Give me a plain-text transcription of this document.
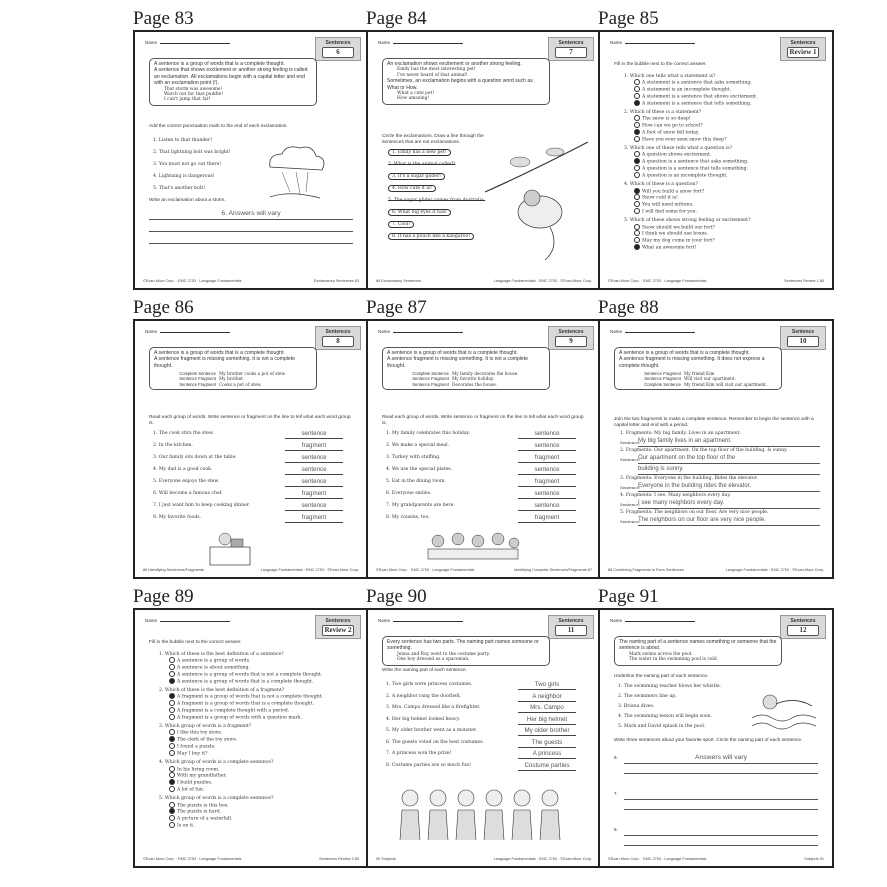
Page 83
Name	Sentences
6
A sentence is a group of words that is a complete thought.
A sentence that shows excitement or another strong feeling is called an exclamation. All exclamations begin with a capital letter and end with an exclamation point (!).
That storm was awesome!
Watch out for that puddle!
I can't jump that far!
Add the correct punctuation mark to the end of each exclamation.
1. Listen to that thunder!
2. That lightning bolt was bright!
3. You must not go out there!
4. Lightning is dangerous!
5. That's another bolt!
Write an exclamation about a storm.
6. Answers will vary
©Evan-Moor Corp. · EMC 2753 · Language Fundamentals	Exclamatory Sentences 83
Page 84
Name	Sentences
7
An exclamation shows excitement or another strong feeling.
Emily has the most interesting pet!
I've never heard of that animal!
Sometimes, an exclamation begins with a question word such as What or How.
What a cute pet!
How amazing!
Circle the exclamations. Draw a line through the sentences that are not exclamations.
1. Emily has a new pet!
2. What is the animal called?
3. It's a sugar glider!
4. How cute it is!
5. The sugar glider comes from Australia.
6. What big eyes it has!
7. Cool!
8. It has a pouch like a kangaroo!
84 Exclamatory Sentences	Language Fundamentals · EMC 2753 · ©Evan-Moor Corp.
Page 85
Name	Sentences
Review 1
Fill in the bubble next to the correct answer.
1. Which one tells what a statement is?
A statement is a sentence that asks something.
A statement is an incomplete thought.
A statement is a sentence that shows excitement.
A statement is a sentence that tells something.
2. Which of these is a statement?
The snow is so deep!
How can we go to school?
A foot of snow fell today.
Have you ever seen snow this deep?
3. Which one of these tells what a question is?
A question shows excitement.
A question is a sentence that asks something.
A question is a sentence that tells something.
A question is an incomplete thought.
4. Which of these is a question?
Will you build a snow fort?
Snow cold it is!
You will need mittens.
I will find some for you.
5. Which of these shows strong feeling or excitement?
Snow should we build our fort?
I think we should use boxes.
May my dog come in your fort?
What an awesome fort!
©Evan-Moor Corp. · EMC 2753 · Language Fundamentals	Sentences Review 1 85
Page 86
Name	Sentences
8
A sentence is a group of words that is a complete thought.
A sentence fragment is missing something. It is not a complete thought.
Complete Sentence My brother cooks a pot of stew.
Sentence Fragment My brother.
Sentence Fragment Cooks a pot of stew.
Read each group of words. Write sentence or fragment on the line to tell what each word group is.
1. The cook stirs the stew.	sentence
2. In the kitchen.	fragment
3. Our family sits down at the table.	sentence
4. My dad is a good cook.	sentence
5. Everyone enjoys the stew.	sentence
6. Will become a famous chef.	fragment
7. I just want him to keep cooking dinner.	sentence
8. My favorite foods.	fragment
86 Identifying Sentences/Fragments	Language Fundamentals · EMC 2753 · ©Evan-Moor Corp.
Page 87
Name	Sentences
9
A sentence is a group of words that is a complete thought.
A sentence fragment is missing something. It is not a complete thought.
Complete Sentence My family decorates the house.
Sentence Fragment My favorite holiday.
Sentence Fragment Decorates the house.
Read each group of words. Write sentence or fragment on the line to tell what each word group is.
1. My family celebrates this holiday.	sentence
2. We make a special meal.	sentence
3. Turkey with stuffing.	fragment
4. We use the special plates.	sentence
5. Eat in the dining room.	fragment
6. Everyone smiles.	sentence
7. My grandparents are here.	sentence
8. My cousins, too.	fragment
©Evan-Moor Corp. · EMC 2753 · Language Fundamentals	Identifying Complete Sentences/Fragments 87
Page 88
Name	Sentence
10
A sentence is a group of words that is a complete thought.
A sentence fragment is missing something. It does not express a complete thought.
Sentence Fragment My friend Kim
Sentence Fragment Will visit our apartment.
Complete Sentence My friend Kim will visit our apartment.
Join the two fragments to make a complete sentence. Remember to begin the sentence with a capital letter and end with a period.
1. Fragments: My big family. Lives in an apartment.
Sentence:
My big family lives in an apartment.
2. Fragments: Our apartment. On the top floor of the building. Is sunny.
Sentence:
Our apartment on the top floor of the
building is sunny.
3. Fragments: Everyone in the building. Rides the elevator.
Sentence:
Everyone in the building rides the elevator.
4. Fragments: I see. Many neighbors every day.
Sentence:
I see many neighbors every day.
5. Fragments: The neighbors on our floor. Are very nice people.
Sentence:
The neighbors on our floor are very nice people.
88 Combining Fragments to Form Sentences	Language Fundamentals · EMC 2753 · ©Evan-Moor Corp.
Page 89
Name	Sentences
Review 2
Fill in the bubble next to the correct answer.
1. Which of these is the best definition of a sentence?
A sentence is a group of words.
A sentence is about something.
A sentence is a group of words that is not a complete thought.
A sentence is a group of words that is a complete thought.
2. Which of these is the best definition of a fragment?
A fragment is a group of words that is not a complete thought.
A fragment is a group of words that is a complete thought.
A fragment is a complete thought with a period.
A fragment is a group of words with a question mark.
3. Which group of words is a fragment?
I like this toy store.
The clerk of the toy store.
I found a puzzle.
May I buy it?
4. Which group of words is a complete sentence?
In his living room.
With my grandfather.
I build puzzles.
A lot of fun.
5. Which group of words is a complete sentence?
The puzzle is this box.
The puzzle is hard.
A picture of a waterfall.
Is on it.
©Evan-Moor Corp. · EMC 2753 · Language Fundamentals	Sentences Review 2 89
Page 90
Name	Sentences
11
Every sentence has two parts. The naming part names someone or something.
Jenna and Ray went to the costume party.
One boy dressed as a spaceman.
Write the naming part of each sentence.
1. Two girls were princess costumes.	Two girls
2. A neighbor rang the doorbell.	A neighbor
3. Mrs. Campo dressed like a firefighter.	Mrs. Campo
4. Her big helmet looked heavy.	Her big helmet
5. My older brother went as a monster.	My older brother
6. The guests voted on the best costumes.	The guests
7. A princess won the prize!	A princess
8. Costume parties are so much fun!	Costume parties
90 Subjects	Language Fundamentals · EMC 2753 · ©Evan-Moor Corp.
Page 91
Name	Sentences
12
The naming part of a sentence names something or someone that the sentence is about.
Mark swims across the pool.
The water in the swimming pool is cold.
Underline the naming part of each sentence.
1. The swimming teacher blows her whistle.
2. The swimmers line up.
3. Briana dives.
4. The swimming lesson will begin soon.
5. Mark and David splash in the pool.
Write three sentences about your favorite sport. Circle the naming part of each sentence.
6.	Answers will vary
7.
8.
©Evan-Moor Corp. · EMC 2753 · Language Fundamentals	Subjects 91
